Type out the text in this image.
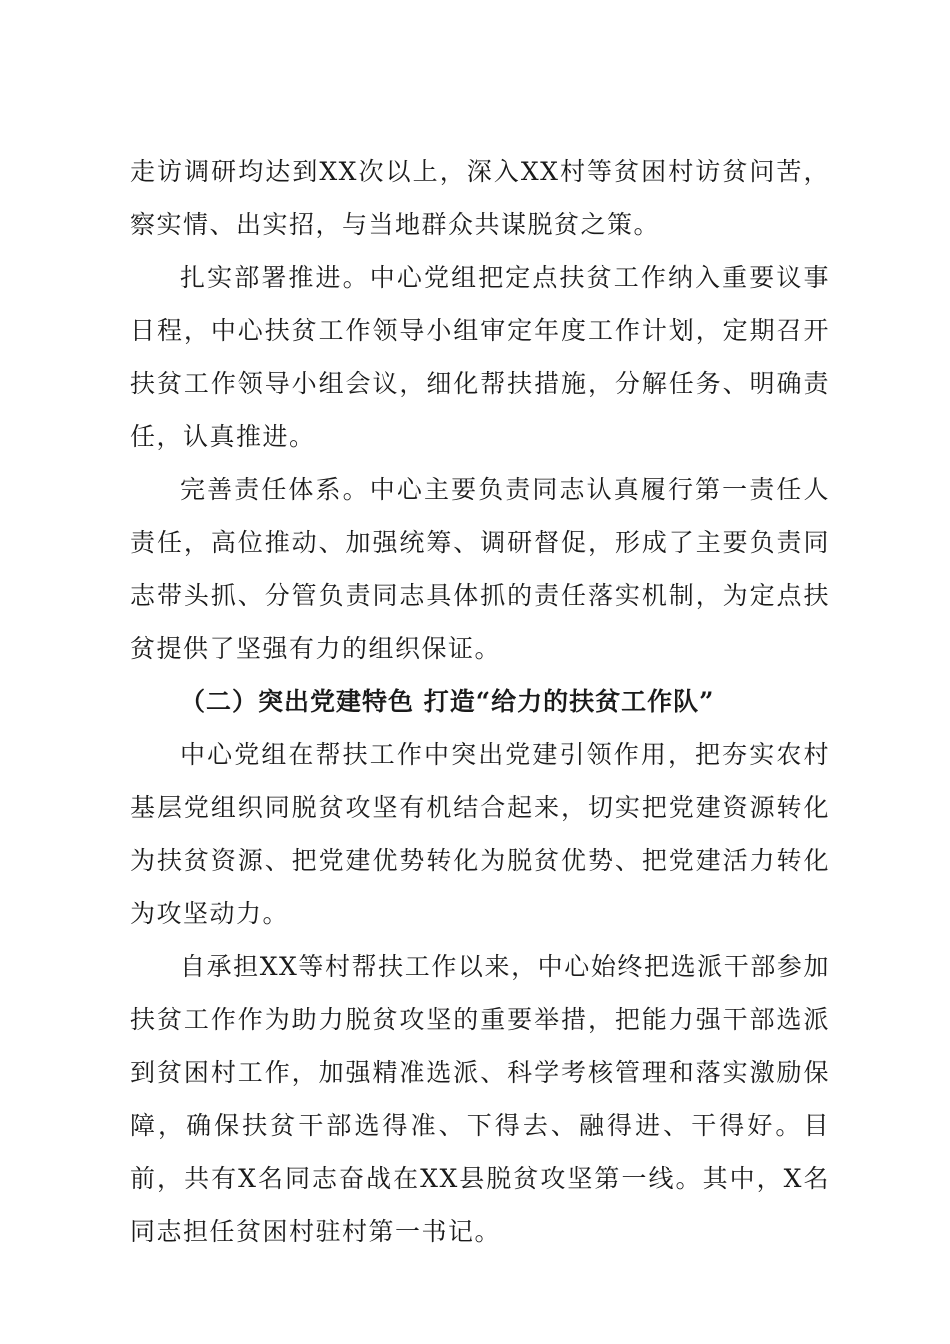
走访调研均达到XX次以上，深入XX村等贫困村访贫问苦，察实情、出实招，与当地群众共谋脱贫之策。

扎实部署推进。中心党组把定点扶贫工作纳入重要议事日程，中心扶贫工作领导小组审定年度工作计划，定期召开扶贫工作领导小组会议，细化帮扶措施，分解任务、明确责任，认真推进。

完善责任体系。中心主要负责同志认真履行第一责任人责任，高位推动、加强统筹、调研督促，形成了主要负责同志带头抓、分管负责同志具体抓的责任落实机制，为定点扶贫提供了坚强有力的组织保证。

（二）突出党建特色 打造“给力的扶贫工作队”

中心党组在帮扶工作中突出党建引领作用，把夯实农村基层党组织同脱贫攻坚有机结合起来，切实把党建资源转化为扶贫资源、把党建优势转化为脱贫优势、把党建活力转化为攻坚动力。

自承担XX等村帮扶工作以来，中心始终把选派干部参加扶贫工作作为助力脱贫攻坚的重要举措，把能力强干部选派到贫困村工作，加强精准选派、科学考核管理和落实激励保障，确保扶贫干部选得准、下得去、融得进、干得好。目前，共有X名同志奋战在XX县脱贫攻坚第一线。其中，X名同志担任贫困村驻村第一书记。
